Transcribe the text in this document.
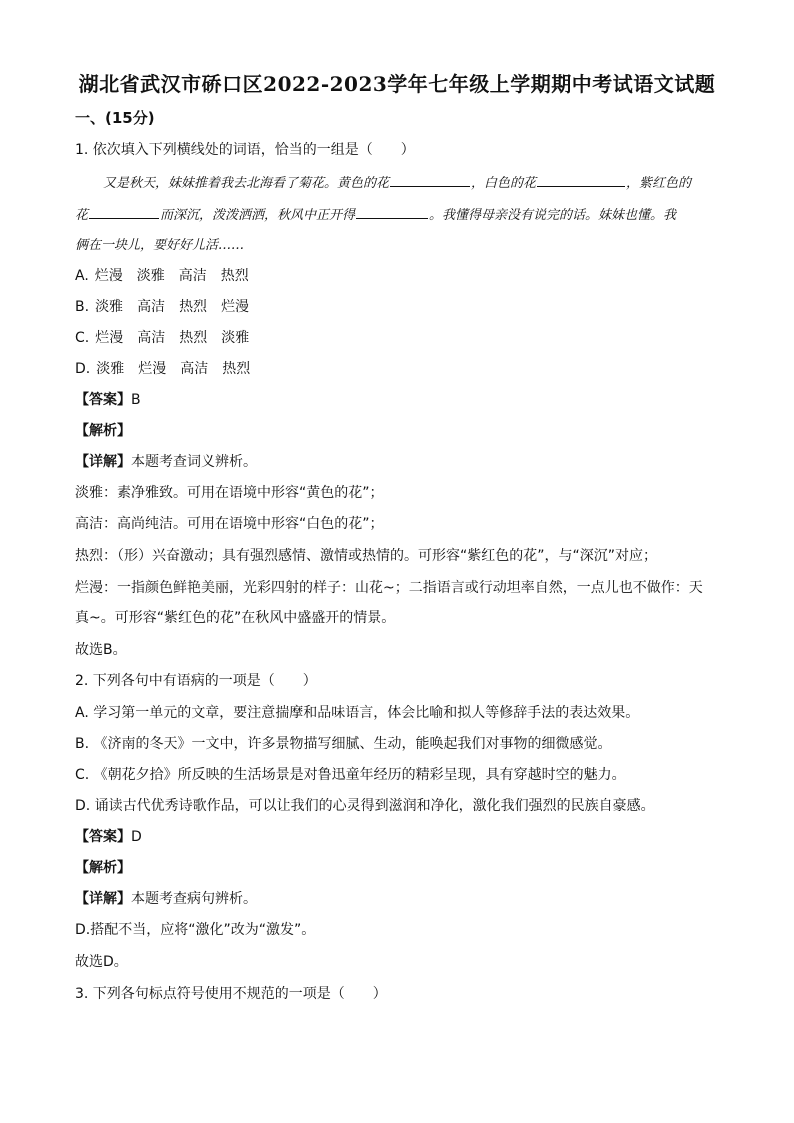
湖北省武汉市硚口区2022-2023学年七年级上学期期中考试语文试题
一、(15分)
1. 依次填入下列横线处的词语，恰当的一组是（　　）
又是秋天，妹妹推着我去北海看了菊花。黄色的花	，白色的花	，紫红色的
花	而深沉，泼泼洒洒，秋风中正开得	。我懂得母亲没有说完的话。妹妹也懂。我
俩在一块儿，要好好儿活……
A. 烂漫 淡雅 高洁 热烈
B. 淡雅 高洁 热烈 烂漫
C. 烂漫 高洁 热烈 淡雅
D. 淡雅 烂漫 高洁 热烈
【答案】B
【解析】
【详解】本题考查词义辨析。
淡雅：素净雅致。可用在语境中形容“黄色的花”；
高洁：高尚纯洁。可用在语境中形容“白色的花”；
热烈：（形）兴奋激动；具有强烈感情、激情或热情的。可形容“紫红色的花”，与“深沉”对应；
烂漫：一指颜色鲜艳美丽，光彩四射的样子：山花~；二指语言或行动坦率自然，一点儿也不做作：天
真~。可形容“紫红色的花”在秋风中盛盛开的情景。
故选B。
2. 下列各句中有语病的一项是（　　）
A. 学习第一单元的文章，要注意揣摩和品味语言，体会比喻和拟人等修辞手法的表达效果。
B. 《济南的冬天》一文中，许多景物描写细腻、生动，能唤起我们对事物的细微感觉。
C. 《朝花夕拾》所反映的生活场景是对鲁迅童年经历的精彩呈现，具有穿越时空的魅力。
D. 诵读古代优秀诗歌作品，可以让我们的心灵得到滋润和净化，激化我们强烈的民族自豪感。
【答案】D
【解析】
【详解】本题考查病句辨析。
D.搭配不当，应将“激化”改为“激发”。
故选D。
3. 下列各句标点符号使用不规范的一项是（　　）
